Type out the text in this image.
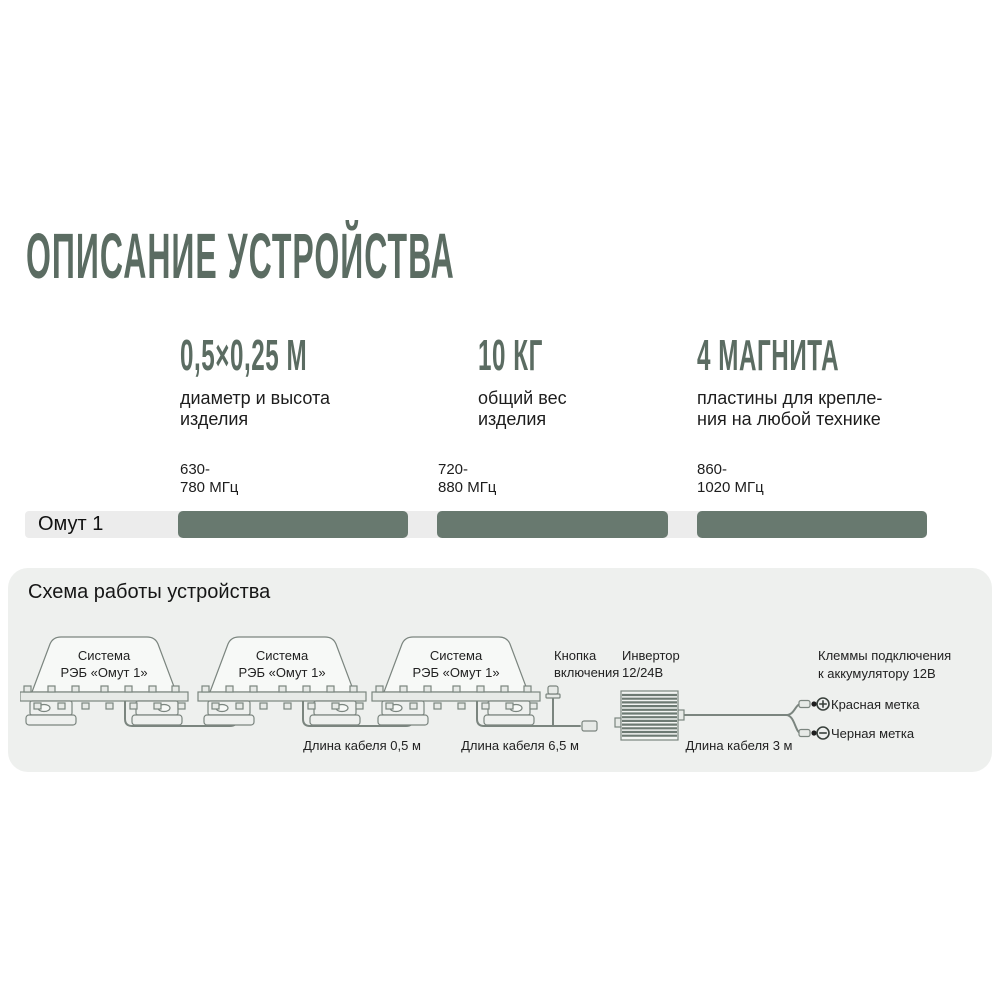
ОПИСАНИЕ УСТРОЙСТВА
0,5×0,25 М
диаметр и высота
изделия
10 КГ
общий вес
изделия
4 МАГНИТА
пластины для крепле-
ния на любой технике
630-
780 МГц
720-
880 МГц
860-
1020 МГц
Омут 1
Схема работы устройства
Система
РЭБ «Омут 1»
Система
РЭБ «Омут 1»
Система
РЭБ «Омут 1»
Кнопка
включения
Инвертор
12/24В
Клеммы подключения
к аккумулятору 12В
Красная метка
Черная метка
Длина кабеля 0,5 м	Длина кабеля 6,5 м	Длина кабеля 3 м
